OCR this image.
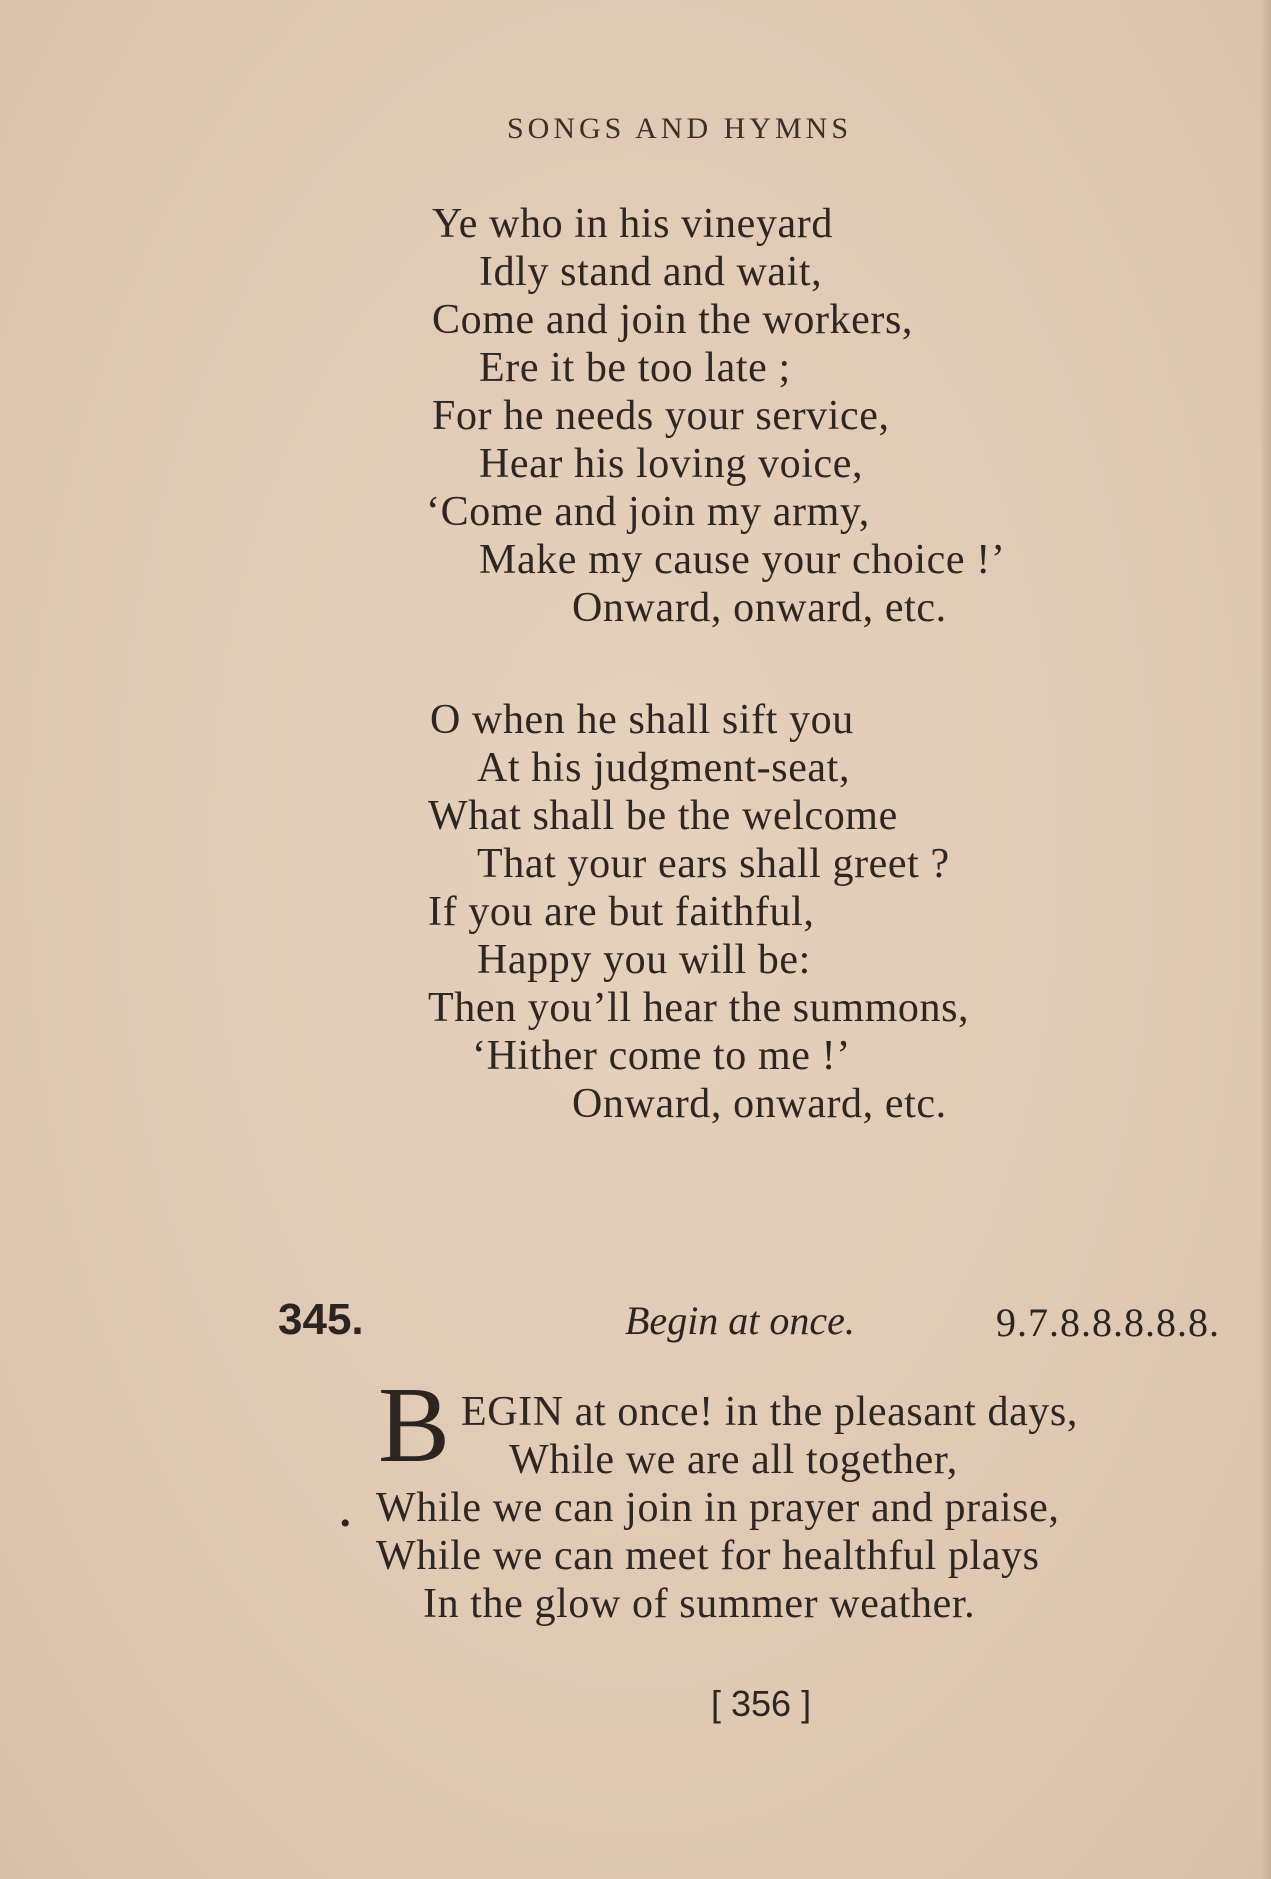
SONGS AND HYMNS
Ye who in his vineyard
Idly stand and wait,
Come and join the workers,
Ere it be too late ;
For he needs your service,
Hear his loving voice,
‘Come and join my army,
Make my cause your choice !’
Onward, onward, etc.
O when he shall sift you
At his judgment-seat,
What shall be the welcome
That your ears shall greet ?
If you are but faithful,
Happy you will be:
Then you’ll hear the summons,
‘Hither come to me !’
Onward, onward, etc.
345.	Begin at once.	9.7.8.8.8.8.8.
B EGIN at once! in the pleasant days,
While we are all together,
• While we can join in prayer and praise,
While we can meet for healthful plays
In the glow of summer weather.
[ 356 ]
